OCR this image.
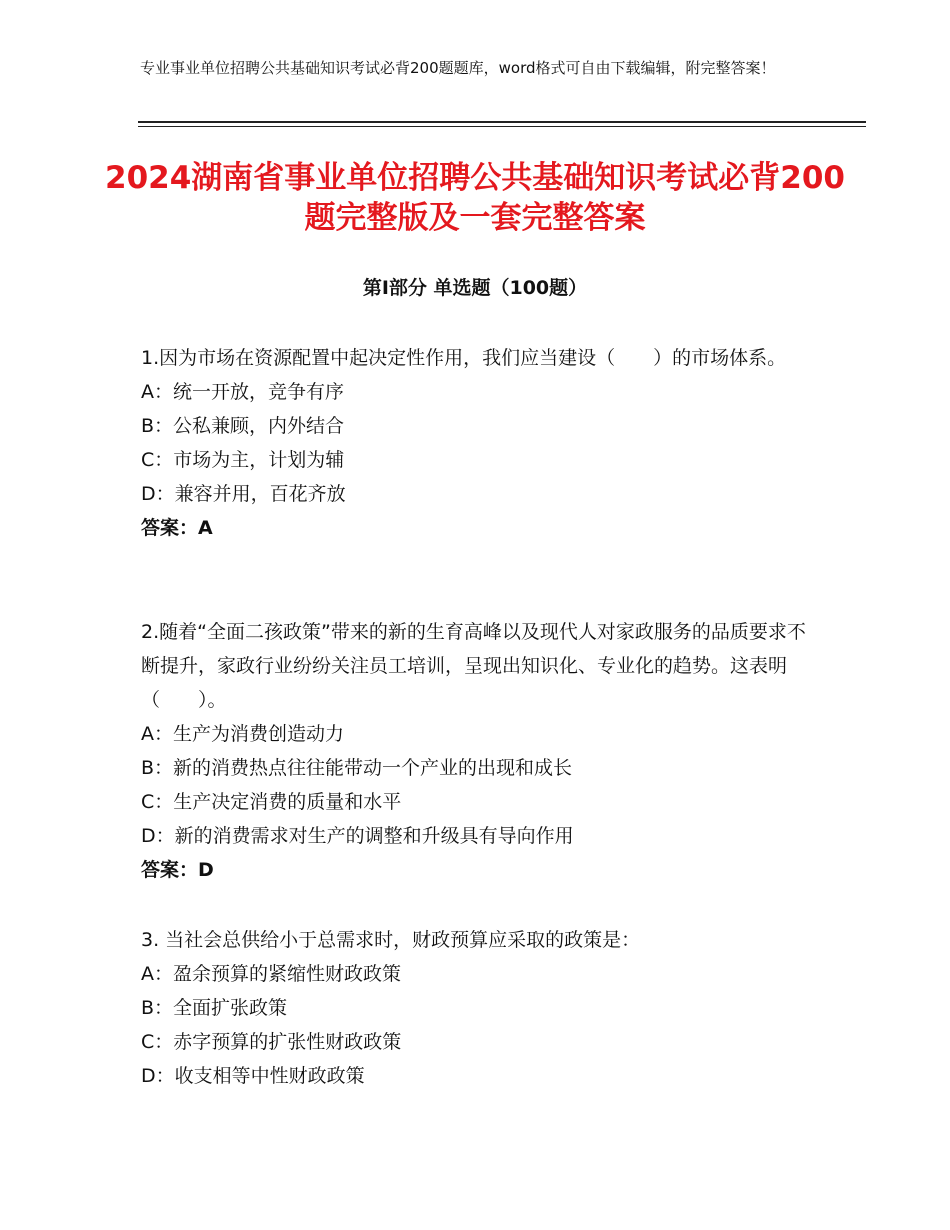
专业事业单位招聘公共基础知识考试必背200题题库，word格式可自由下载编辑，附完整答案！
2024湖南省事业单位招聘公共基础知识考试必背200题完整版及一套完整答案
第Ⅰ部分 单选题（100题）
1.因为市场在资源配置中起决定性作用，我们应当建设（　　）的市场体系。
A：统一开放，竞争有序
B：公私兼顾，内外结合
C：市场为主，计划为辅
D：兼容并用，百花齐放
答案：A
2.随着“全面二孩政策”带来的新的生育高峰以及现代人对家政服务的品质要求不断提升，家政行业纷纷关注员工培训，呈现出知识化、专业化的趋势。这表明（　　）。
A：生产为消费创造动力
B：新的消费热点往往能带动一个产业的出现和成长
C：生产决定消费的质量和水平
D：新的消费需求对生产的调整和升级具有导向作用
答案：D
3. 当社会总供给小于总需求时，财政预算应采取的政策是：
A：盈余预算的紧缩性财政政策
B：全面扩张政策
C：赤字预算的扩张性财政政策
D：收支相等中性财政政策
